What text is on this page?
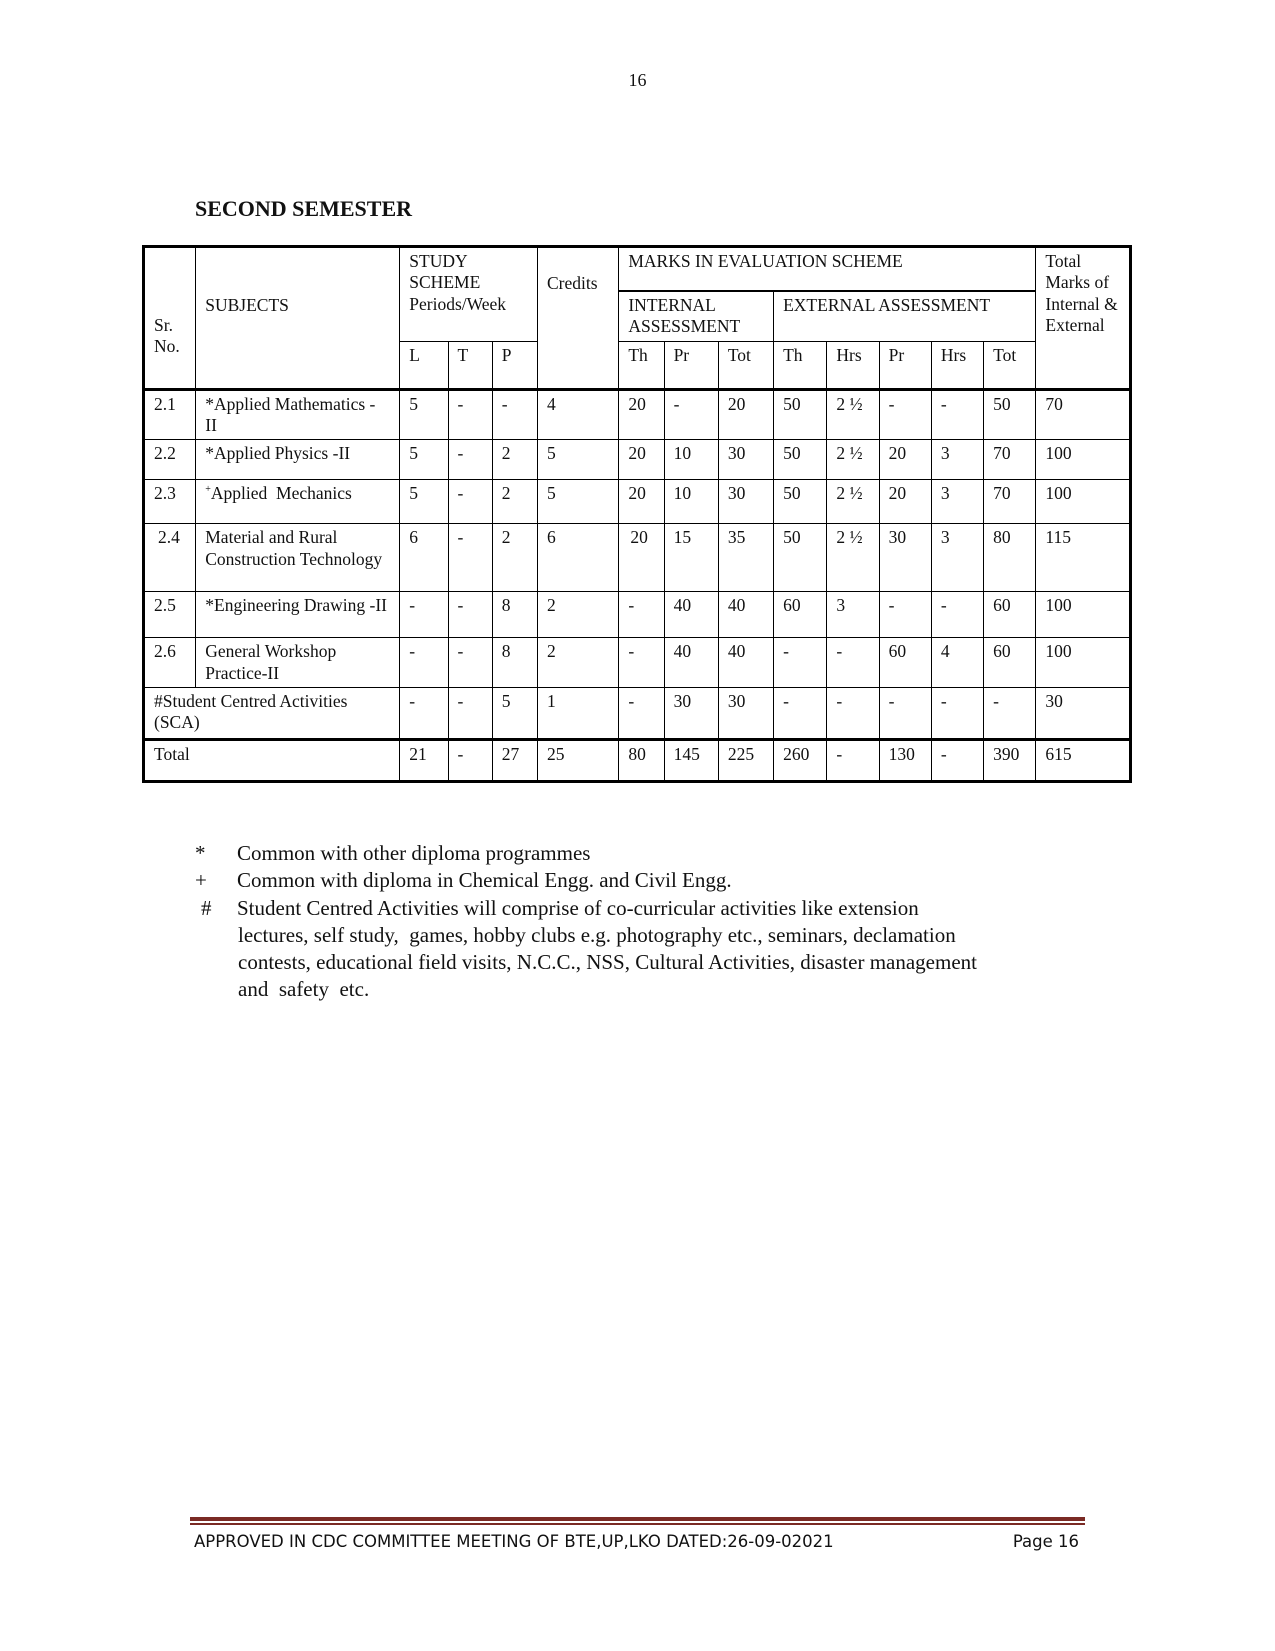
16
SECOND SEMESTER
Sr. No.	SUBJECTS	STUDY SCHEME Periods/Week			Credits	MARKS IN EVALUATION SCHEME								Total Marks of Internal & External
						INTERNAL ASSESSMENT			EXTERNAL ASSESSMENT					
		L	T	P		Th	Pr	Tot	Th	Hrs	Pr	Hrs	Tot	
2.1	*Applied Mathematics - II	5	-	-	4	20	-	20	50	2 ½	-	-	50	70
2.2	*Applied Physics -II	5	-	2	5	20	10	30	50	2 ½	20	3	70	100
2.3	+Applied  Mechanics	5	-	2	5	20	10	30	50	2 ½	20	3	70	100
2.4	Material and Rural Construction Technology	6	-	2	6	20	15	35	50	2 ½	30	3	80	115
2.5	*Engineering Drawing -II	-	-	8	2	-	40	40	60	3	-	-	60	100
2.6	General Workshop Practice-II	-	-	8	2	-	40	40	-	-	60	4	60	100
#Student Centred Activities (SCA)		-	-	5	1	-	30	30	-	-	-	-	-	30
Total		21	-	27	25	80	145	225	260	-	130	-	390	615
*	Common with other diploma programmes
+	Common with diploma in Chemical Engg. and Civil Engg.
#	Student Centred Activities will comprise of co-curricular activities like extension
lectures, self study,  games, hobby clubs e.g. photography etc., seminars, declamation
contests, educational field visits, N.C.C., NSS, Cultural Activities, disaster management
and  safety  etc.
APPROVED IN CDC COMMITTEE MEETING OF BTE,UP,LKO DATED:26-09-02021	Page 16
